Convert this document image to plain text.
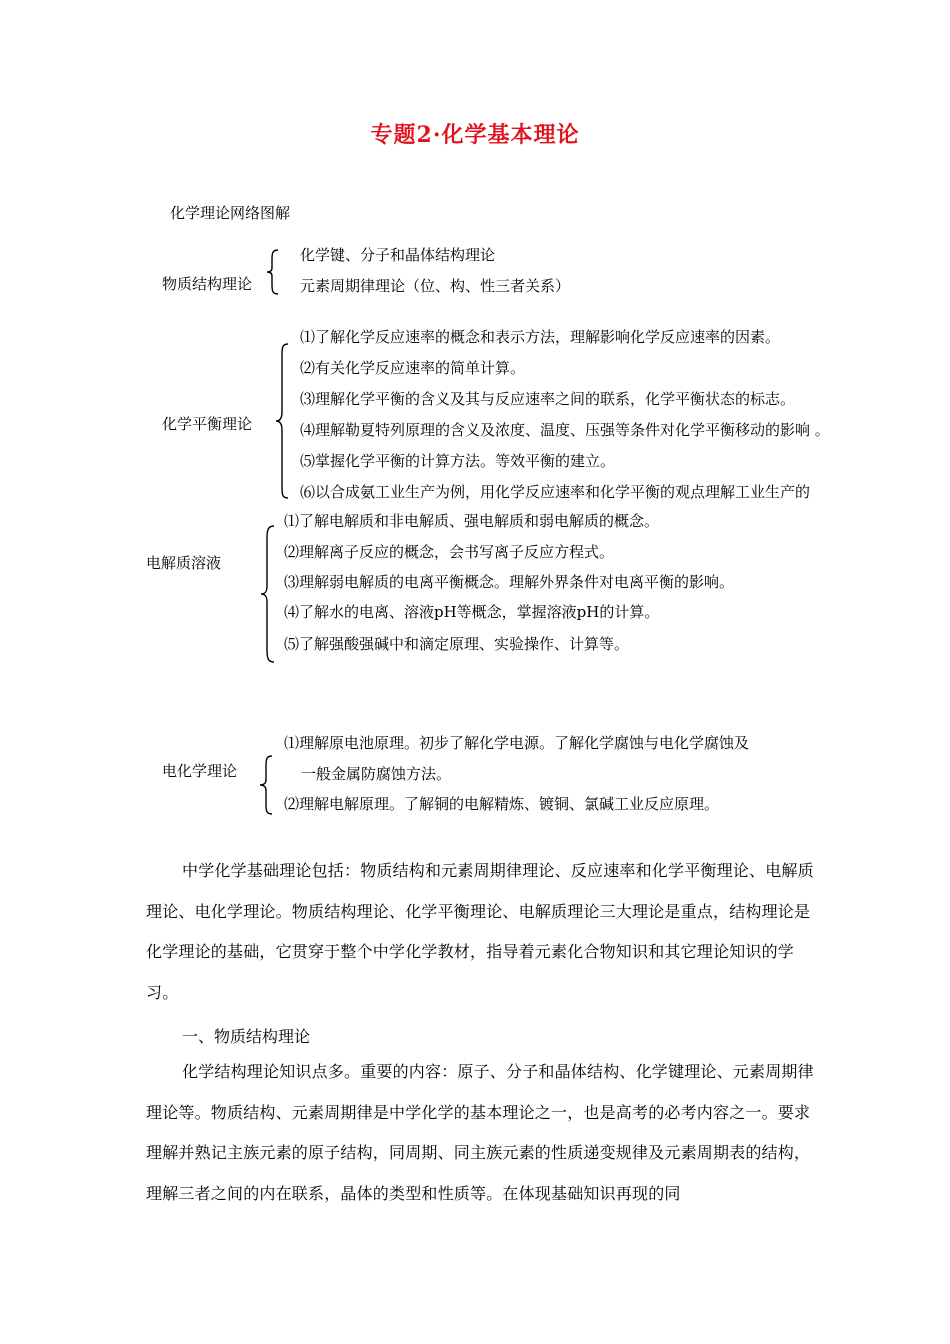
专题2·化学基本理论
化学理论网络图解
物质结构理论
化学键、分子和晶体结构理论
元素周期律理论（位、构、性三者关系）
化学平衡理论
⑴了解化学反应速率的概念和表示方法，理解影响化学反应速率的因素。
⑵有关化学反应速率的简单计算。
⑶理解化学平衡的含义及其与反应速率之间的联系，化学平衡状态的标志。
⑷理解勒夏特列原理的含义及浓度、温度、压强等条件对化学平衡移动的影响 。
⑸掌握化学平衡的计算方法。等效平衡的建立。
⑹以合成氨工业生产为例，用化学反应速率和化学平衡的观点理解工业生产的
电解质溶液
⑴了解电解质和非电解质、强电解质和弱电解质的概念。
⑵理解离子反应的概念，会书写离子反应方程式。
⑶理解弱电解质的电离平衡概念。理解外界条件对电离平衡的影响。
⑷了解水的电离、溶液pH等概念，掌握溶液pH的计算。
⑸了解强酸强碱中和滴定原理、实验操作、计算等。
电化学理论
⑴理解原电池原理。初步了解化学电源。了解化学腐蚀与电化学腐蚀及
一般金属防腐蚀方法。
⑵理解电解原理。了解铜的电解精炼、镀铜、氯碱工业反应原理。
中学化学基础理论包括：物质结构和元素周期律理论、反应速率和化学平衡理论、电解质理论、电化学理论。物质结构理论、化学平衡理论、电解质理论三大理论是重点，结构理论是化学理论的基础，它贯穿于整个中学化学教材，指导着元素化合物知识和其它理论知识的学习。
一、物质结构理论
化学结构理论知识点多。重要的内容：原子、分子和晶体结构、化学键理论、元素周期律理论等。物质结构、元素周期律是中学化学的基本理论之一，也是高考的必考内容之一。要求理解并熟记主族元素的原子结构，同周期、同主族元素的性质递变规律及元素周期表的结构，理解三者之间的内在联系，晶体的类型和性质等。在体现基础知识再现的同
